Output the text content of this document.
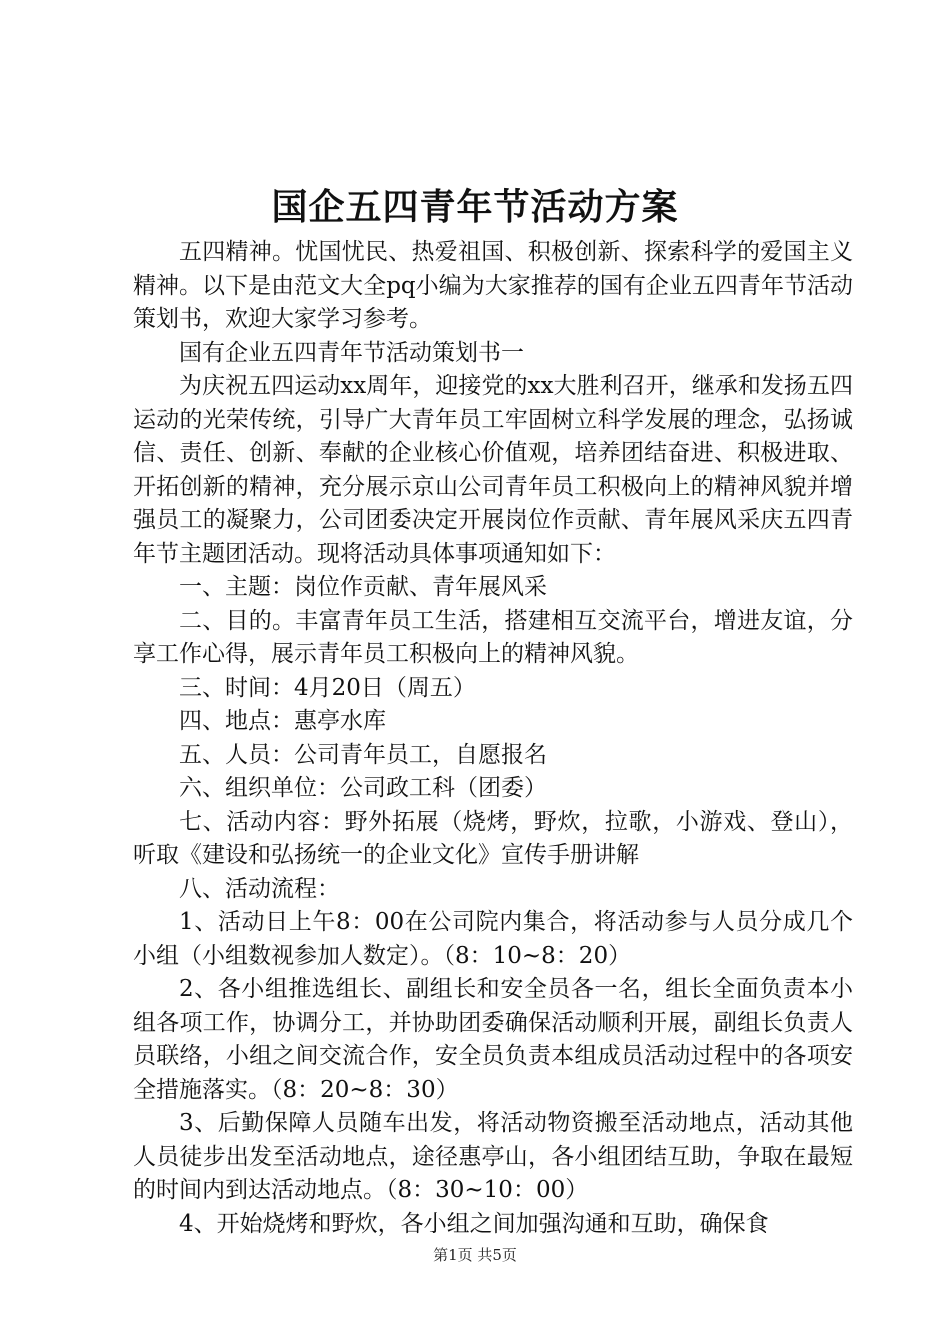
国企五四青年节活动方案

五四精神。忧国忧民、热爱祖国、积极创新、探索科学的爱国主义精神。以下是由范文大全pq小编为大家推荐的国有企业五四青年节活动策划书，欢迎大家学习参考。

国有企业五四青年节活动策划书一

为庆祝五四运动xx周年，迎接党的xx大胜利召开，继承和发扬五四运动的光荣传统，引导广大青年员工牢固树立科学发展的理念，弘扬诚信、责任、创新、奉献的企业核心价值观，培养团结奋进、积极进取、开拓创新的精神，充分展示京山公司青年员工积极向上的精神风貌并增强员工的凝聚力，公司团委决定开展岗位作贡献、青年展风采庆五四青年节主题团活动。现将活动具体事项通知如下：

一、主题：岗位作贡献、青年展风采

二、目的。丰富青年员工生活，搭建相互交流平台，增进友谊，分享工作心得，展示青年员工积极向上的精神风貌。

三、时间：4月20日（周五）

四、地点：惠亭水库

五、人员：公司青年员工，自愿报名

六、组织单位：公司政工科（团委）

七、活动内容：野外拓展（烧烤，野炊，拉歌，小游戏、登山），听取《建设和弘扬统一的企业文化》宣传手册讲解

八、活动流程：

1、活动日上午8：00在公司院内集合，将活动参与人员分成几个小组（小组数视参加人数定）。（8：10~8：20）

2、各小组推选组长、副组长和安全员各一名，组长全面负责本小组各项工作，协调分工，并协助团委确保活动顺利开展，副组长负责人员联络，小组之间交流合作，安全员负责本组成员活动过程中的各项安全措施落实。（8：20~8：30）

3、后勤保障人员随车出发，将活动物资搬至活动地点，活动其他人员徒步出发至活动地点，途径惠亭山，各小组团结互助，争取在最短的时间内到达活动地点。（8：30~10：00）

4、开始烧烤和野炊，各小组之间加强沟通和互助，确保食

第1页 共5页
